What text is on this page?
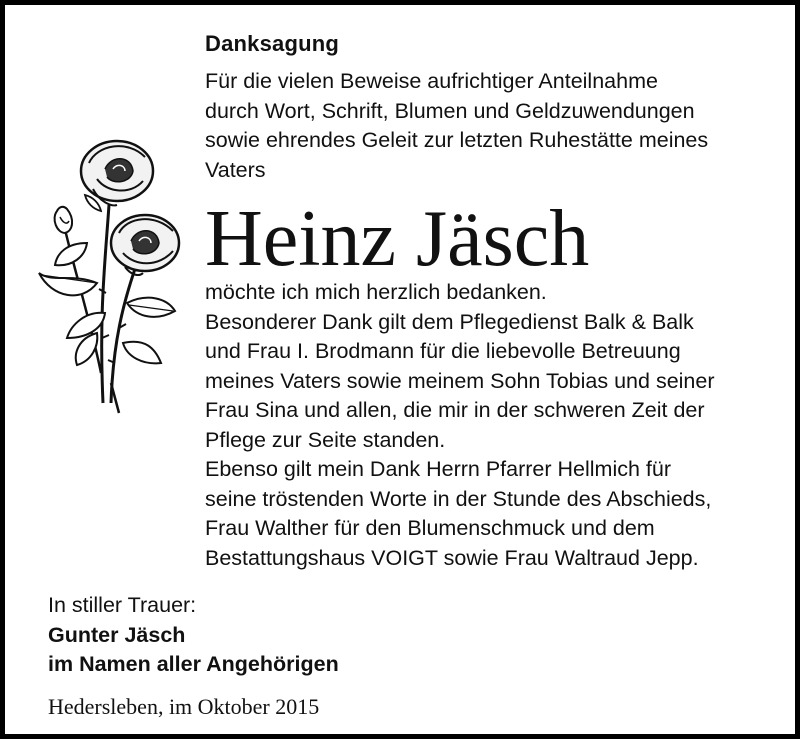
Danksagung
Für die vielen Beweise aufrichtiger Anteilnahme
durch Wort, Schrift, Blumen und Geldzuwendungen
sowie ehrendes Geleit zur letzten Ruhestätte meines
Vaters
Heinz Jäsch
möchte ich mich herzlich bedanken.
Besonderer Dank gilt dem Pflegedienst Balk & Balk
und Frau I. Brodmann für die liebevolle Betreuung
meines Vaters sowie meinem Sohn Tobias und seiner
Frau Sina und allen, die mir in der schweren Zeit der
Pflege zur Seite standen.
Ebenso gilt mein Dank Herrn Pfarrer Hellmich für
seine tröstenden Worte in der Stunde des Abschieds,
Frau Walther für den Blumenschmuck und dem
Bestattungshaus VOIGT sowie Frau Waltraud Jepp.
In stiller Trauer:
Gunter Jäsch
im Namen aller Angehörigen
Hedersleben, im Oktober 2015
